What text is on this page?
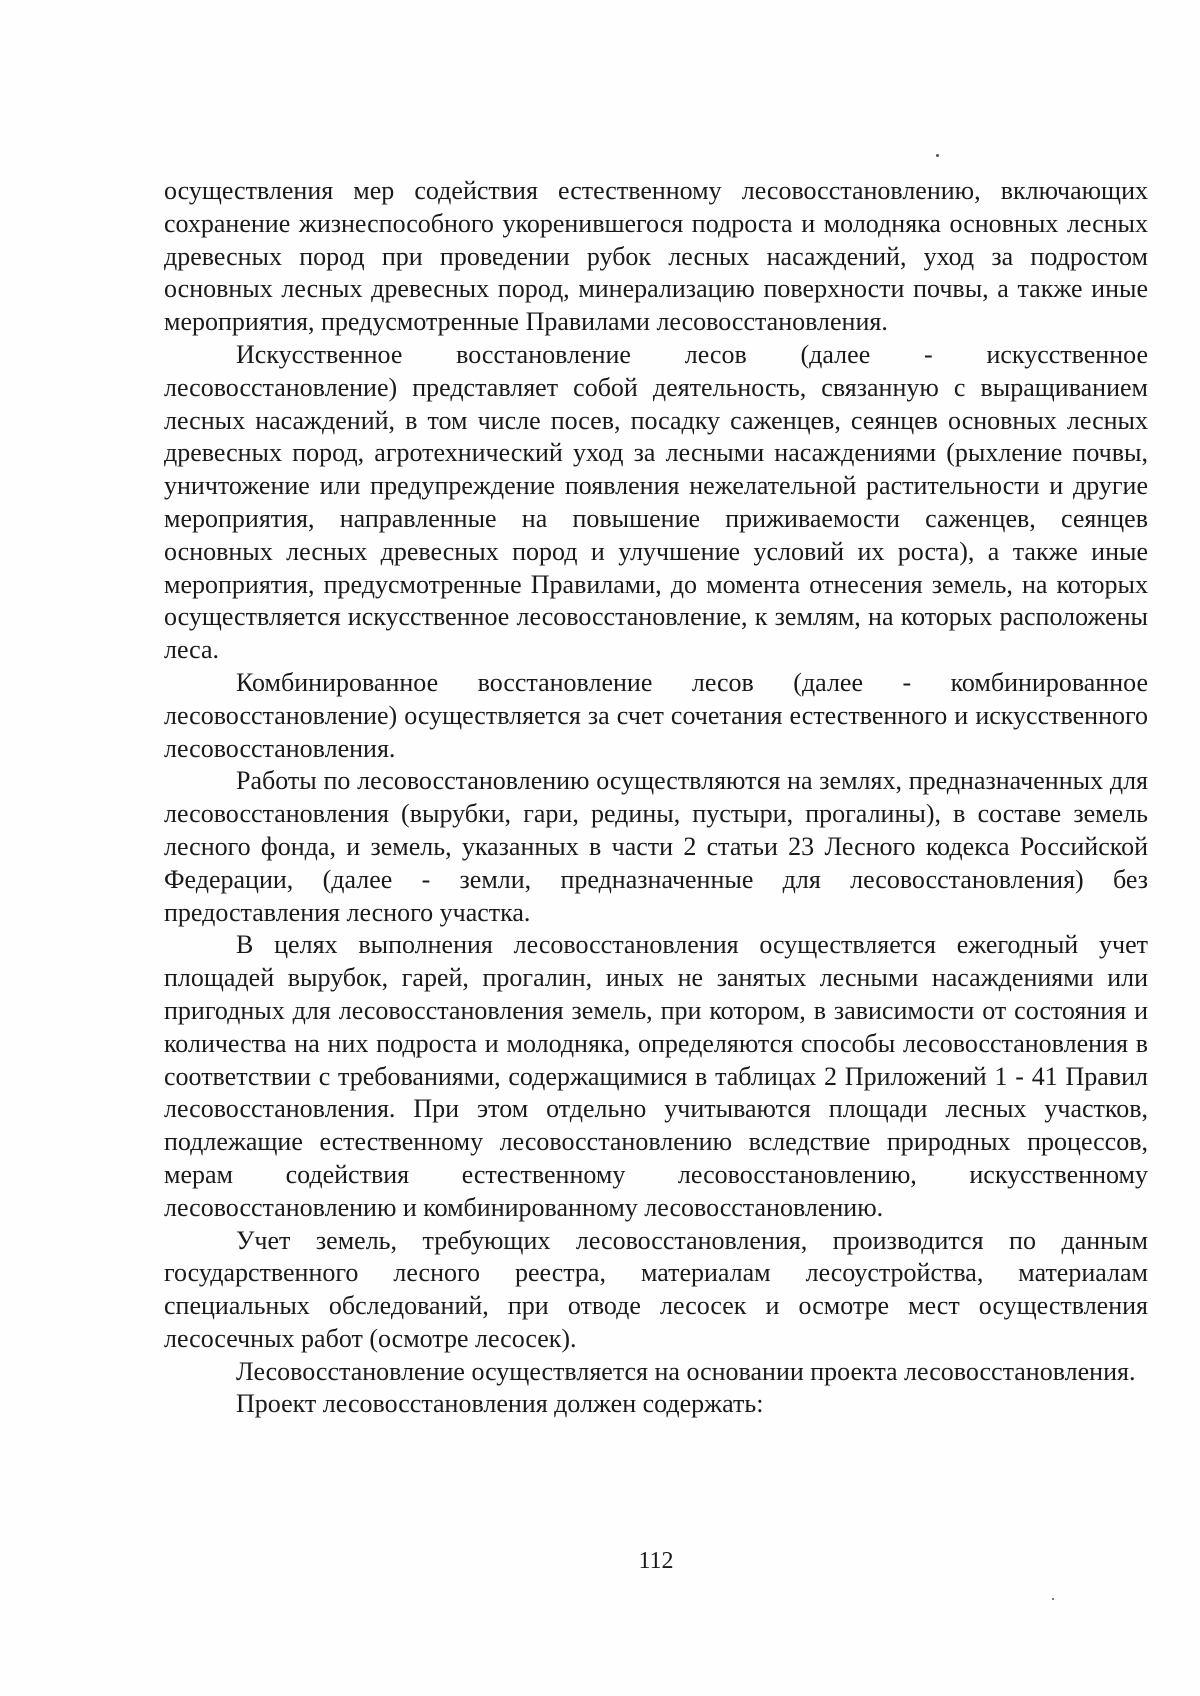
осуществления мер содействия естественному лесовосстановлению, включающих сохранение жизнеспособного укоренившегося подроста и молодняка основных лесных древесных пород при проведении рубок лесных насаждений, уход за подростом основных лесных древесных пород, минерализацию поверхности почвы, а также иные мероприятия, предусмотренные Правилами лесовосстановления.

Искусственное восстановление лесов (далее - искусственное лесовосстановление) представляет собой деятельность, связанную с выращиванием лесных насаждений, в том числе посев, посадку саженцев, сеянцев основных лесных древесных пород, агротехнический уход за лесными насаждениями (рыхление почвы, уничтожение или предупреждение появления нежелательной растительности и другие мероприятия, направленные на повышение приживаемости саженцев, сеянцев основных лесных древесных пород и улучшение условий их роста), а также иные мероприятия, предусмотренные Правилами, до момента отнесения земель, на которых осуществляется искусственное лесовосстановление, к землям, на которых расположены леса.

Комбинированное восстановление лесов (далее - комбинированное лесовосстановление) осуществляется за счет сочетания естественного и искусственного лесовосстановления.

Работы по лесовосстановлению осуществляются на землях, предназначенных для лесовосстановления (вырубки, гари, редины, пустыри, прогалины), в составе земель лесного фонда, и земель, указанных в части 2 статьи 23 Лесного кодекса Российской Федерации, (далее - земли, предназначенные для лесовосстановления) без предоставления лесного участка.

В целях выполнения лесовосстановления осуществляется ежегодный учет площадей вырубок, гарей, прогалин, иных не занятых лесными насаждениями или пригодных для лесовосстановления земель, при котором, в зависимости от состояния и количества на них подроста и молодняка, определяются способы лесовосстановления в соответствии с требованиями, содержащимися в таблицах 2 Приложений 1 - 41 Правил лесовосстановления. При этом отдельно учитываются площади лесных участков, подлежащие естественному лесовосстановлению вследствие природных процессов, мерам содействия естественному лесовосстановлению, искусственному лесовосстановлению и комбинированному лесовосстановлению.

Учет земель, требующих лесовосстановления, производится по данным государственного лесного реестра, материалам лесоустройства, материалам специальных обследований, при отводе лесосек и осмотре мест осуществления лесосечных работ (осмотре лесосек).

Лесовосстановление осуществляется на основании проекта лесовосстановления.

Проект лесовосстановления должен содержать:

112
